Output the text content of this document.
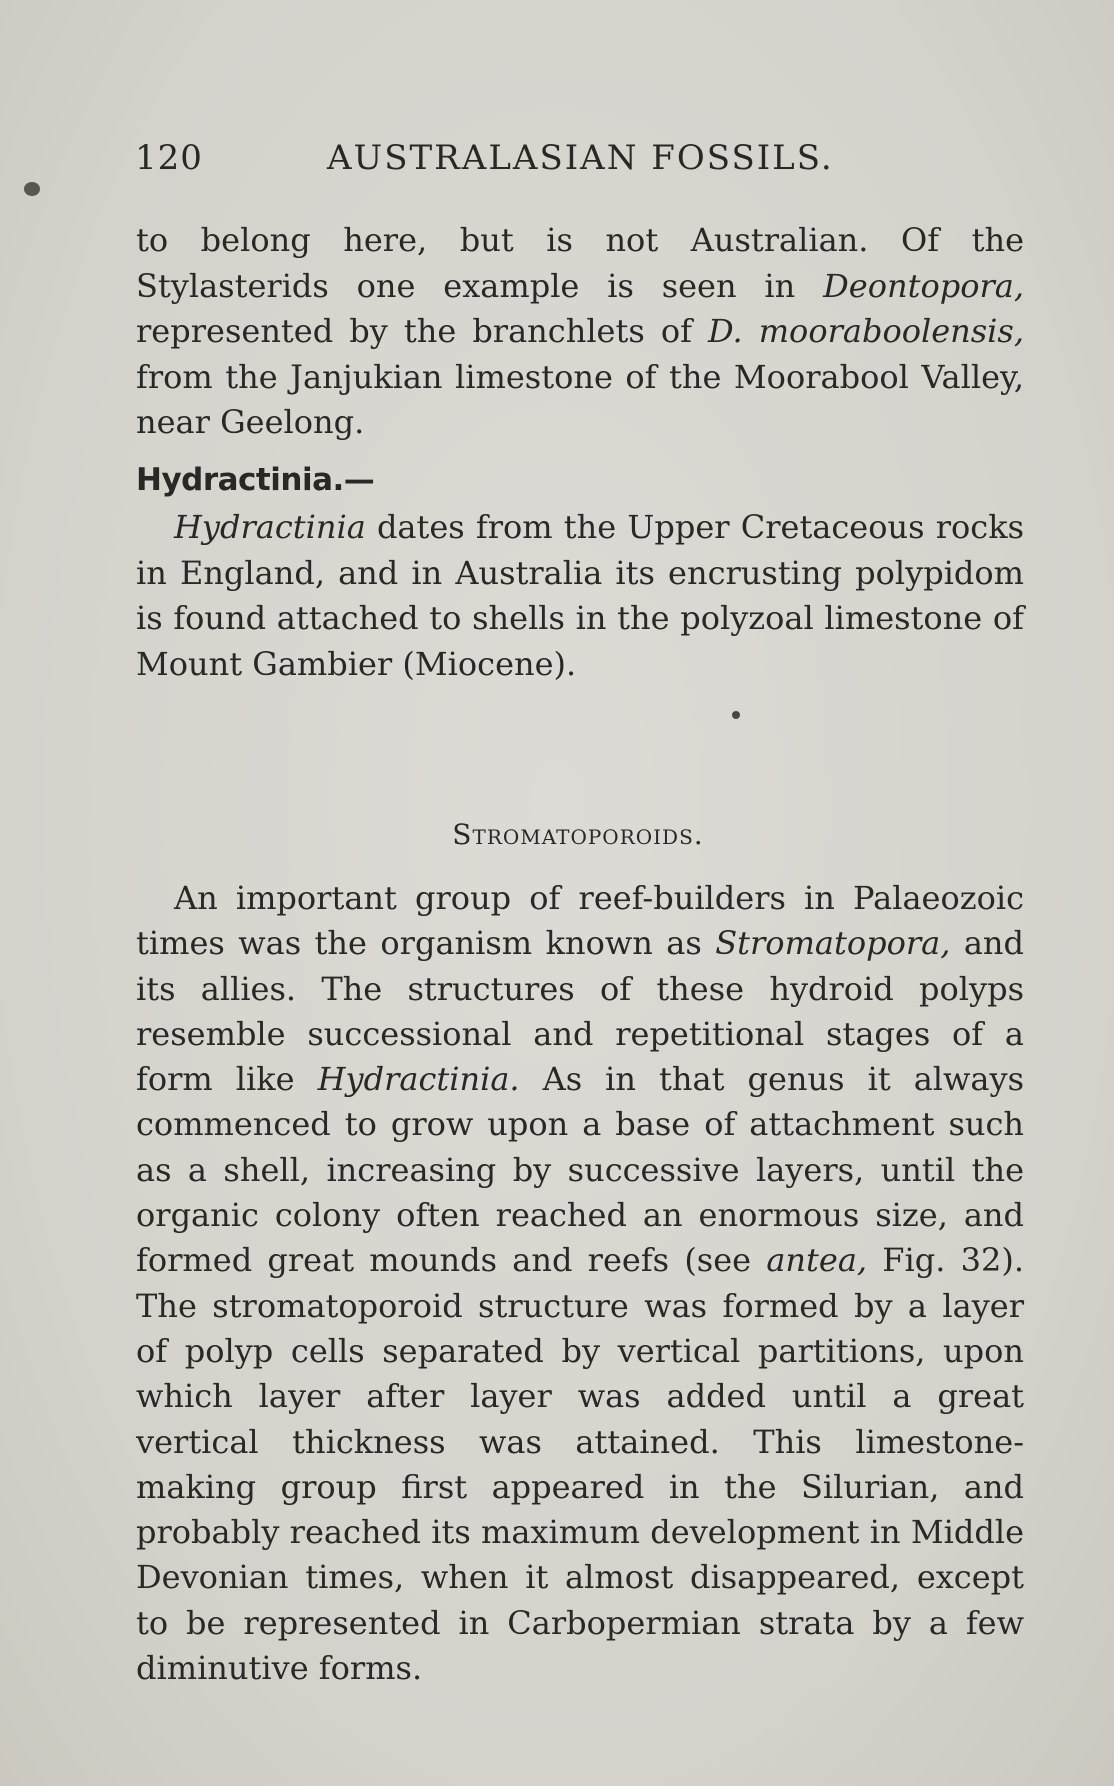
120	AUSTRALASIAN FOSSILS.

to belong here, but is not Australian. Of the Stylasterids one example is seen in Deontopora, represented by the branchlets of D. mooraboolensis, from the Janjukian limestone of the Moorabool Valley, near Geelong.

Hydractinia.—

Hydractinia dates from the Upper Cretaceous rocks in England, and in Australia its encrusting polypidom is found attached to shells in the polyzoal limestone of Mount Gambier (Miocene).

Stromatoporoids.

An important group of reef-builders in Palaeozoic times was the organism known as Stromatopora, and its allies. The structures of these hydroid polyps resemble successional and repetitional stages of a form like Hydractinia. As in that genus it always commenced to grow upon a base of attachment such as a shell, increasing by successive layers, until the organic colony often reached an enormous size, and formed great mounds and reefs (see antea, Fig. 32). The stromatoporoid structure was formed by a layer of polyp cells separated by vertical partitions, upon which layer after layer was added until a great vertical thickness was attained. This limestone-making group first appeared in the Silurian, and probably reached its maximum development in Middle Devonian times, when it almost disappeared, except to be represented in Carbopermian strata by a few diminutive forms.
